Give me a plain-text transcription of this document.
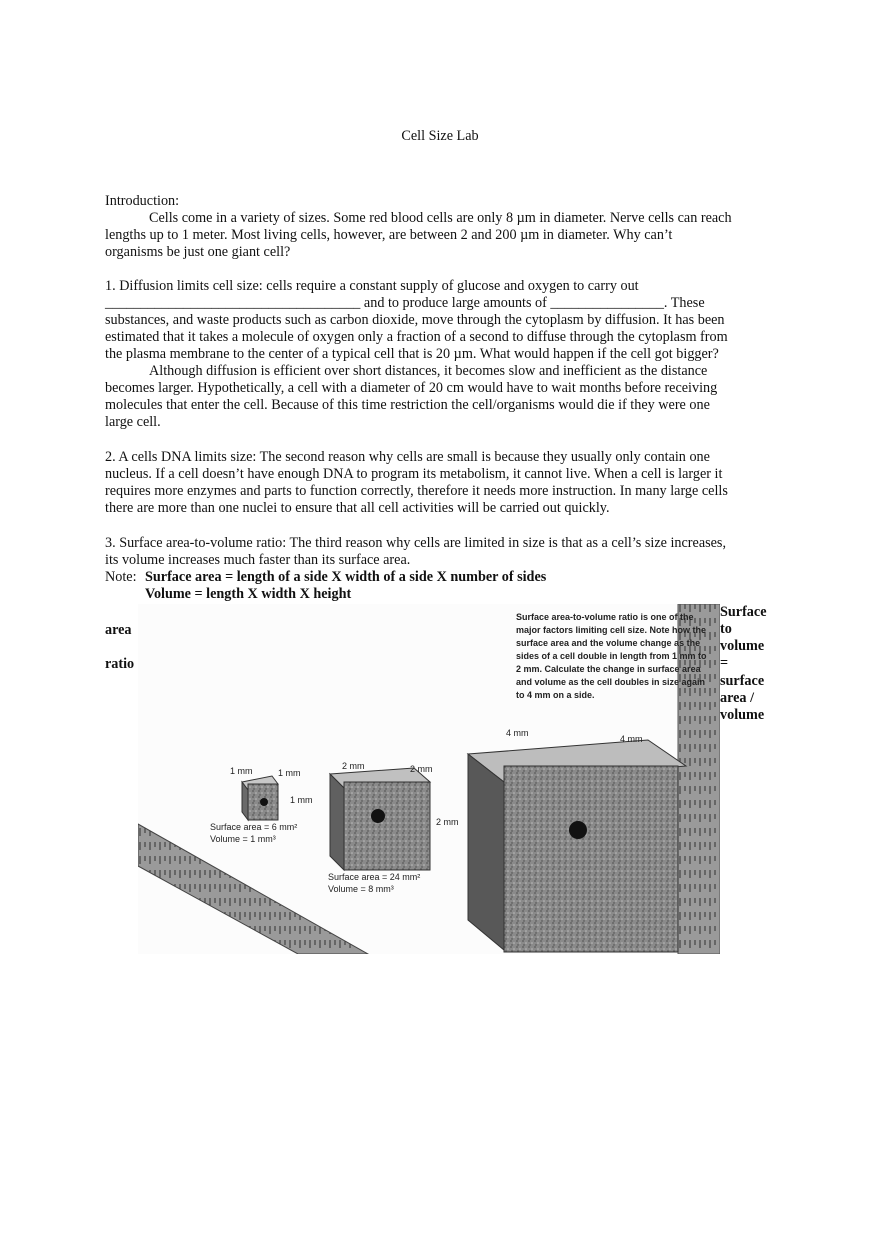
Cell Size Lab
Introduction:
Cells come in a variety of sizes. Some red blood cells are only 8 µm in diameter. Nerve cells can reach
lengths up to 1 meter. Most living cells, however, are between 2 and 200 µm in diameter. Why can’t
organisms be just one giant cell?
1. Diffusion limits cell size: cells require a constant supply of glucose and oxygen to carry out
____________________________________ and to produce large amounts of ________________. These
substances, and waste products such as carbon dioxide, move through the cytoplasm by diffusion. It has been
estimated that it takes a molecule of oxygen only a fraction of a second to diffuse through the cytoplasm from
the plasma membrane to the center of a typical cell that is 20 µm. What would happen if the cell got bigger?
Although diffusion is efficient over short distances, it becomes slow and inefficient as the distance
becomes larger. Hypothetically, a cell with a diameter of 20 cm would have to wait months before receiving
molecules that enter the cell. Because of this time restriction the cell/organisms would die if they were one
large cell.
2. A cells DNA limits size: The second reason why cells are small is because they usually only contain one
nucleus. If a cell doesn’t have enough DNA to program its metabolism, it cannot live. When a cell is larger it
requires more enzymes and parts to function correctly, therefore it needs more instruction. In many large cells
there are more than one nuclei to ensure that all cell activities will be carried out quickly.
3. Surface area-to-volume ratio: The third reason why cells are limited in size is that as a cell’s size increases,
its volume increases much faster than its surface area.
Note: Surface area = length of a side X width of a side X number of sides
Volume = length X width X height
area
ratio
1 mm	1 mm
1 mm
Surface area = 6 mm²
Volume = 1 mm³
2 mm	2 mm
2 mm
Surface area = 24 mm²
Volume = 8 mm³
4 mm
4 mm
Surface area-to-volume ratio is one of the
major factors limiting cell size. Note how the
surface area and the volume change as the
sides of a cell double in length from 1 mm to
2 mm. Calculate the change in surface area
and volume as the cell doubles in size again
to 4 mm on a side.
Surface
to
volume
=
surface
area /
volume
